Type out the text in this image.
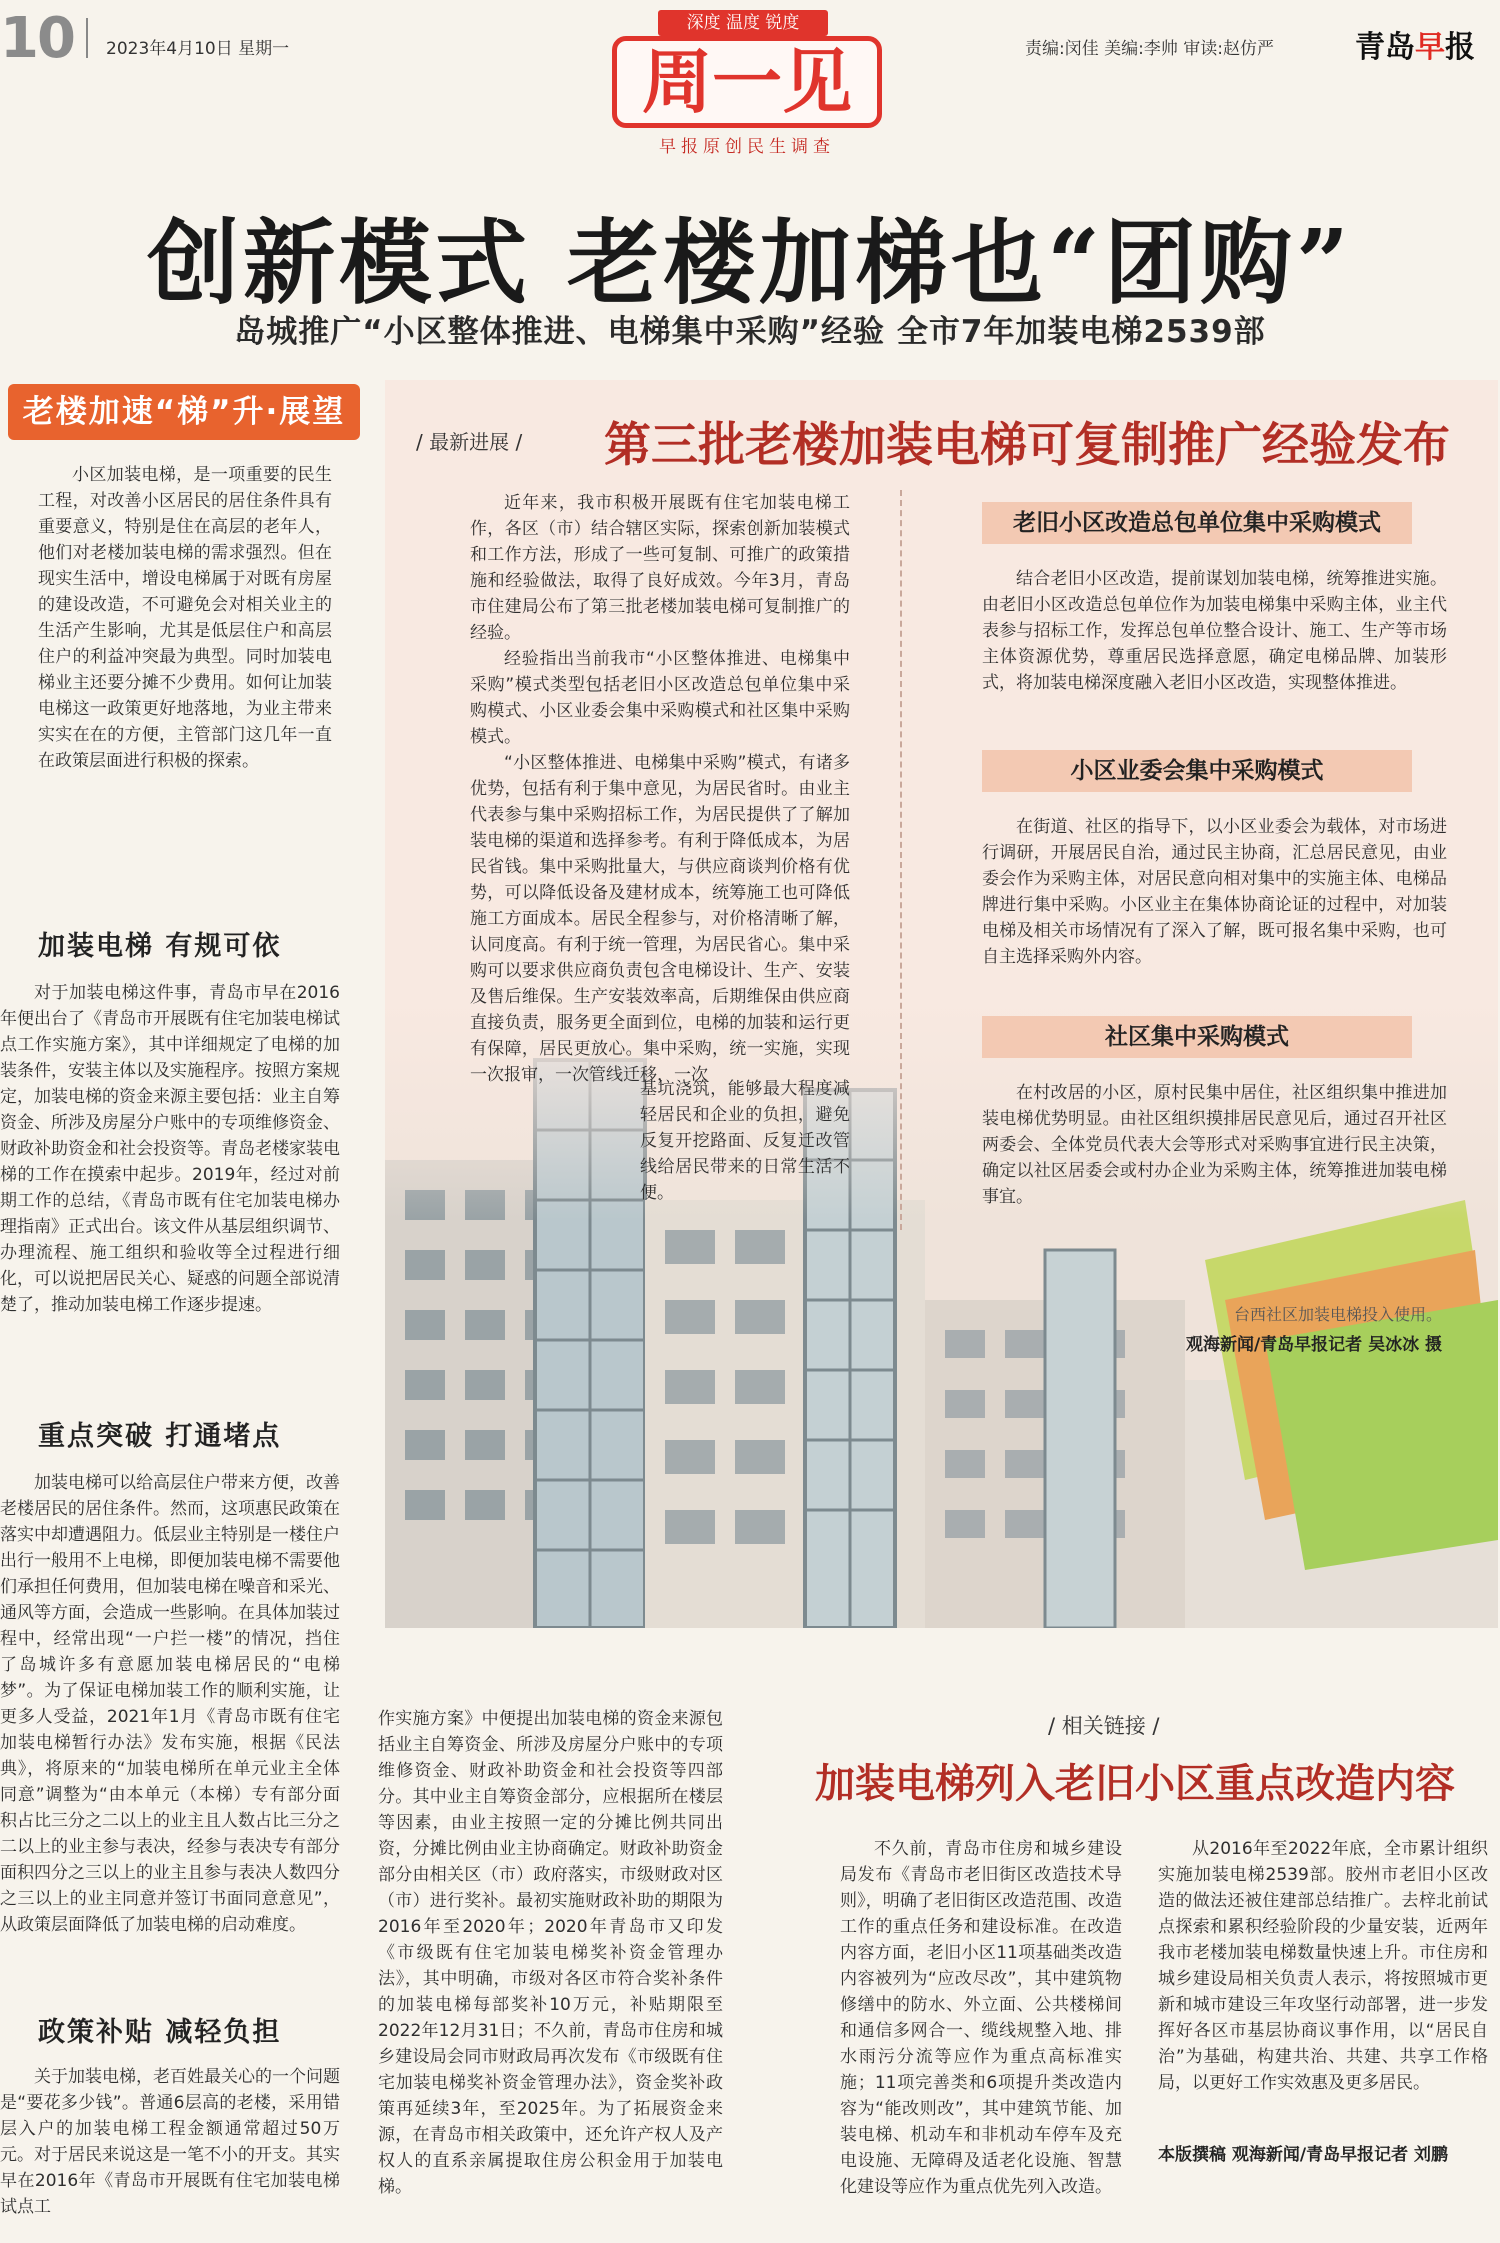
10 2023年4月10日 星期一	责编:闵佳 美编:李帅 审读:赵仿严	青岛早报
深度 温度 锐度
周一见
早报原创民生调查
创新模式 老楼加梯也“团购”
岛城推广“小区整体推进、电梯集中采购”经验 全市7年加装电梯2539部
老楼加速“梯”升·展望

小区加装电梯，是一项重要的民生工程，对改善小区居民的居住条件具有重要意义，特别是住在高层的老年人，他们对老楼加装电梯的需求强烈。但在现实生活中，增设电梯属于对既有房屋的建设改造，不可避免会对相关业主的生活产生影响，尤其是低层住户和高层住户的利益冲突最为典型。同时加装电梯业主还要分摊不少费用。如何让加装电梯这一政策更好地落地，为业主带来实实在在的方便，主管部门这几年一直在政策层面进行积极的探索。

加装电梯 有规可依

对于加装电梯这件事，青岛市早在2016年便出台了《青岛市开展既有住宅加装电梯试点工作实施方案》，其中详细规定了电梯的加装条件，安装主体以及实施程序。按照方案规定，加装电梯的资金来源主要包括：业主自筹资金、所涉及房屋分户账中的专项维修资金、财政补助资金和社会投资等。青岛老楼家装电梯的工作在摸索中起步。2019年，经过对前期工作的总结，《青岛市既有住宅加装电梯办理指南》正式出台。该文件从基层组织调节、办理流程、施工组织和验收等全过程进行细化，可以说把居民关心、疑惑的问题全部说清楚了，推动加装电梯工作逐步提速。

重点突破 打通堵点

加装电梯可以给高层住户带来方便，改善老楼居民的居住条件。然而，这项惠民政策在落实中却遭遇阻力。低层业主特别是一楼住户出行一般用不上电梯，即便加装电梯不需要他们承担任何费用，但加装电梯在噪音和采光、通风等方面，会造成一些影响。在具体加装过程中，经常出现“一户拦一楼”的情况，挡住了岛城许多有意愿加装电梯居民的“电梯梦”。为了保证电梯加装工作的顺利实施，让更多人受益，2021年1月《青岛市既有住宅加装电梯暂行办法》发布实施，根据《民法典》，将原来的“加装电梯所在单元业主全体同意”调整为“由本单元（本梯）专有部分面积占比三分之二以上的业主且人数占比三分之二以上的业主参与表决，经参与表决专有部分面积四分之三以上的业主且参与表决人数四分之三以上的业主同意并签订书面同意意见”，从政策层面降低了加装电梯的启动难度。

政策补贴 减轻负担

关于加装电梯，老百姓最关心的一个问题是“要花多少钱”。普通6层高的老楼，采用错层入户的加装电梯工程金额通常超过50万元。对于居民来说这是一笔不小的开支。其实早在2016年《青岛市开展既有住宅加装电梯试点工

作实施方案》中便提出加装电梯的资金来源包括业主自筹资金、所涉及房屋分户账中的专项维修资金、财政补助资金和社会投资等四部分。其中业主自筹资金部分，应根据所在楼层等因素，由业主按照一定的分摊比例共同出资，分摊比例由业主协商确定。财政补助资金部分由相关区（市）政府落实，市级财政对区（市）进行奖补。最初实施财政补助的期限为2016年至2020年；2020年青岛市又印发《市级既有住宅加装电梯奖补资金管理办法》，其中明确，市级对各区市符合奖补条件的加装电梯每部奖补10万元，补贴期限至2022年12月31日；不久前，青岛市住房和城乡建设局会同市财政局再次发布《市级既有住宅加装电梯奖补资金管理办法》，资金奖补政策再延续3年，至2025年。为了拓展资金来源，在青岛市相关政策中，还允许产权人及产权人的直系亲属提取住房公积金用于加装电梯。

/ 最新进展 / 第三批老楼加装电梯可复制推广经验发布

近年来，我市积极开展既有住宅加装电梯工作，各区（市）结合辖区实际，探索创新加装模式和工作方法，形成了一些可复制、可推广的政策措施和经验做法，取得了良好成效。今年3月，青岛市住建局公布了第三批老楼加装电梯可复制推广的经验。

经验指出当前我市“小区整体推进、电梯集中采购”模式类型包括老旧小区改造总包单位集中采购模式、小区业委会集中采购模式和社区集中采购模式。

“小区整体推进、电梯集中采购”模式，有诸多优势，包括有利于集中意见，为居民省时。由业主代表参与集中采购招标工作，为居民提供了了解加装电梯的渠道和选择参考。有利于降低成本，为居民省钱。集中采购批量大，与供应商谈判价格有优势，可以降低设备及建材成本，统筹施工也可降低施工方面成本。居民全程参与，对价格清晰了解，认同度高。有利于统一管理，为居民省心。集中采购可以要求供应商负责包含电梯设计、生产、安装及售后维保。生产安装效率高，后期维保由供应商直接负责，服务更全面到位，电梯的加装和运行更有保障，居民更放心。集中采购，统一实施，实现一次报审，一次管线迁移，一次

基坑浇筑，能够最大程度减轻居民和企业的负担，避免反复开挖路面、反复迁改管线给居民带来的日常生活不便。

老旧小区改造总包单位集中采购模式

结合老旧小区改造，提前谋划加装电梯，统筹推进实施。由老旧小区改造总包单位作为加装电梯集中采购主体，业主代表参与招标工作，发挥总包单位整合设计、施工、生产等市场主体资源优势，尊重居民选择意愿，确定电梯品牌、加装形式，将加装电梯深度融入老旧小区改造，实现整体推进。

小区业委会集中采购模式

在街道、社区的指导下，以小区业委会为载体，对市场进行调研，开展居民自治，通过民主协商，汇总居民意见，由业委会作为采购主体，对居民意向相对集中的实施主体、电梯品牌进行集中采购。小区业主在集体协商论证的过程中，对加装电梯及相关市场情况有了深入了解，既可报名集中采购，也可自主选择采购外内容。

社区集中采购模式

在村改居的小区，原村民集中居住，社区组织集中推进加装电梯优势明显。由社区组织摸排居民意见后，通过召开社区两委会、全体党员代表大会等形式对采购事宜进行民主决策，确定以社区居委会或村办企业为采购主体，统筹推进加装电梯事宜。

台西社区加装电梯投入使用。
观海新闻/青岛早报记者 吴冰冰 摄
/ 相关链接 /
加装电梯列入老旧小区重点改造内容

不久前，青岛市住房和城乡建设局发布《青岛市老旧街区改造技术导则》，明确了老旧街区改造范围、改造工作的重点任务和建设标准。在改造内容方面，老旧小区11项基础类改造内容被列为“应改尽改”，其中建筑物修缮中的防水、外立面、公共楼梯间和通信多网合一、缆线规整入地、排水雨污分流等应作为重点高标准实施；11项完善类和6项提升类改造内容为“能改则改”，其中建筑节能、加装电梯、机动车和非机动车停车及充电设施、无障碍及适老化设施、智慧化建设等应作为重点优先列入改造。

从2016年至2022年底，全市累计组织实施加装电梯2539部。胶州市老旧小区改造的做法还被住建部总结推广。去梓北前试点探索和累积经验阶段的少量安装，近两年我市老楼加装电梯数量快速上升。市住房和城乡建设局相关负责人表示，将按照城市更新和城市建设三年攻坚行动部署，进一步发挥好各区市基层协商议事作用，以“居民自治”为基础，构建共治、共建、共享工作格局，以更好工作实效惠及更多居民。

本版撰稿 观海新闻/青岛早报记者 刘鹏
